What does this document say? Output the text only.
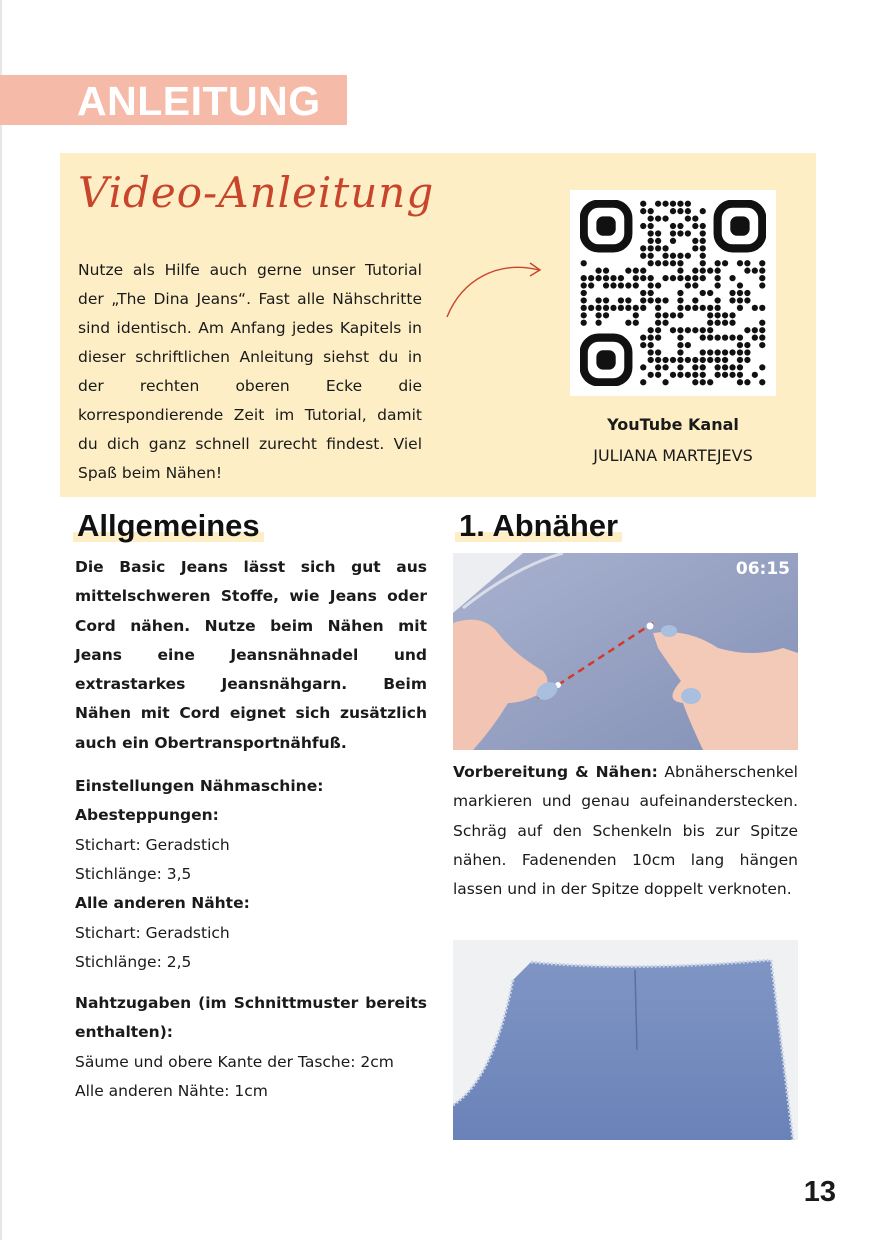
ANLEITUNG
Video-Anleitung

Nutze als Hilfe auch gerne unser Tutorial der „The Dina Jeans“. Fast alle Nähschritte sind identisch. Am Anfang jedes Kapitels in dieser schriftlichen Anleitung siehst du in der rechten oberen Ecke die korrespondierende Zeit im Tutorial, damit du dich ganz schnell zurecht findest. Viel Spaß beim Nähen!

YouTube Kanal
JULIANA MARTEJEVS
Allgemeines	1. Abnäher

Die Basic Jeans lässt sich gut aus mittelschweren Stoffe, wie Jeans oder Cord nähen. Nutze beim Nähen mit Jeans eine Jeansnähnadel und extrastarkes Jeansnähgarn. Beim Nähen mit Cord eignet sich zusätzlich auch ein Obertransportnähfuß.

Einstellungen Nähmaschine:

Abesteppungen:

Stichart: Geradstich

Stichlänge: 3,5

Alle anderen Nähte:

Stichart: Geradstich

Stichlänge: 2,5

Nahtzugaben (im Schnittmuster bereits enthalten):

Säume und obere Kante der Tasche: 2cm

Alle anderen Nähte: 1cm

06:15

Vorbereitung & Nähen: Abnäherschenkel markieren und genau aufeinanderstecken. Schräg auf den Schenkeln bis zur Spitze nähen. Fadenenden 10cm lang hängen lassen und in der Spitze doppelt verknoten.

13
